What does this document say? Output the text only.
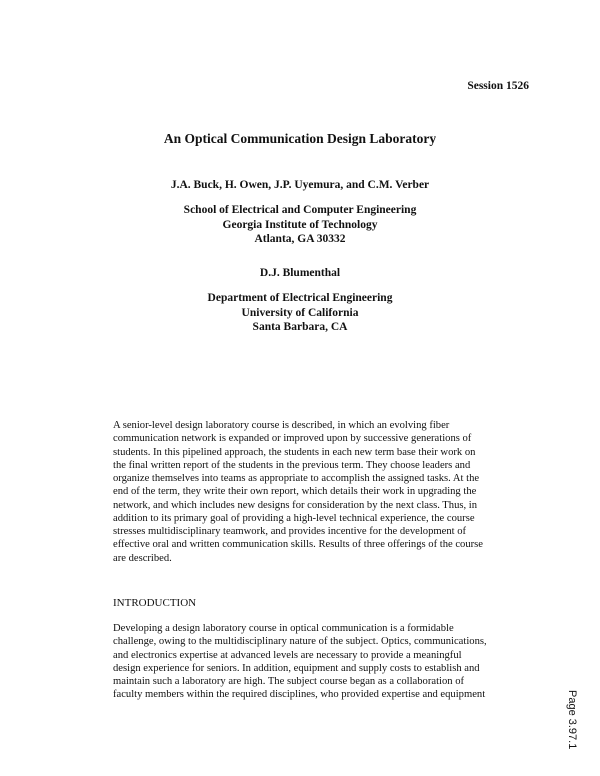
Session 1526
An Optical Communication Design Laboratory
J.A. Buck, H. Owen, J.P. Uyemura, and C.M. Verber
School of Electrical and Computer Engineering
Georgia Institute of Technology
Atlanta, GA 30332
D.J. Blumenthal
Department of Electrical Engineering
University of California
Santa Barbara, CA
A senior-level design laboratory course is described, in which an evolving fiber
communication network is expanded or improved upon by successive generations of
students. In this pipelined approach, the students in each new term base their work on
the final written report of the students in the previous term. They choose leaders and
organize themselves into teams as appropriate to accomplish the assigned tasks. At the
end of the term, they write their own report, which details their work in upgrading the
network, and which includes new designs for consideration by the next class. Thus, in
addition to its primary goal of providing a high-level technical experience, the course
stresses multidisciplinary teamwork, and provides incentive for the development of
effective oral and written communication skills. Results of three offerings of the course
are described.
INTRODUCTION
Developing a design laboratory course in optical communication is a formidable
challenge, owing to the multidisciplinary nature of the subject. Optics, communications,
and electronics expertise at advanced levels are necessary to provide a meaningful
design experience for seniors. In addition, equipment and supply costs to establish and
maintain such a laboratory are high. The subject course began as a collaboration of
faculty members within the required disciplines, who provided expertise and equipment	Page 3.97.1
